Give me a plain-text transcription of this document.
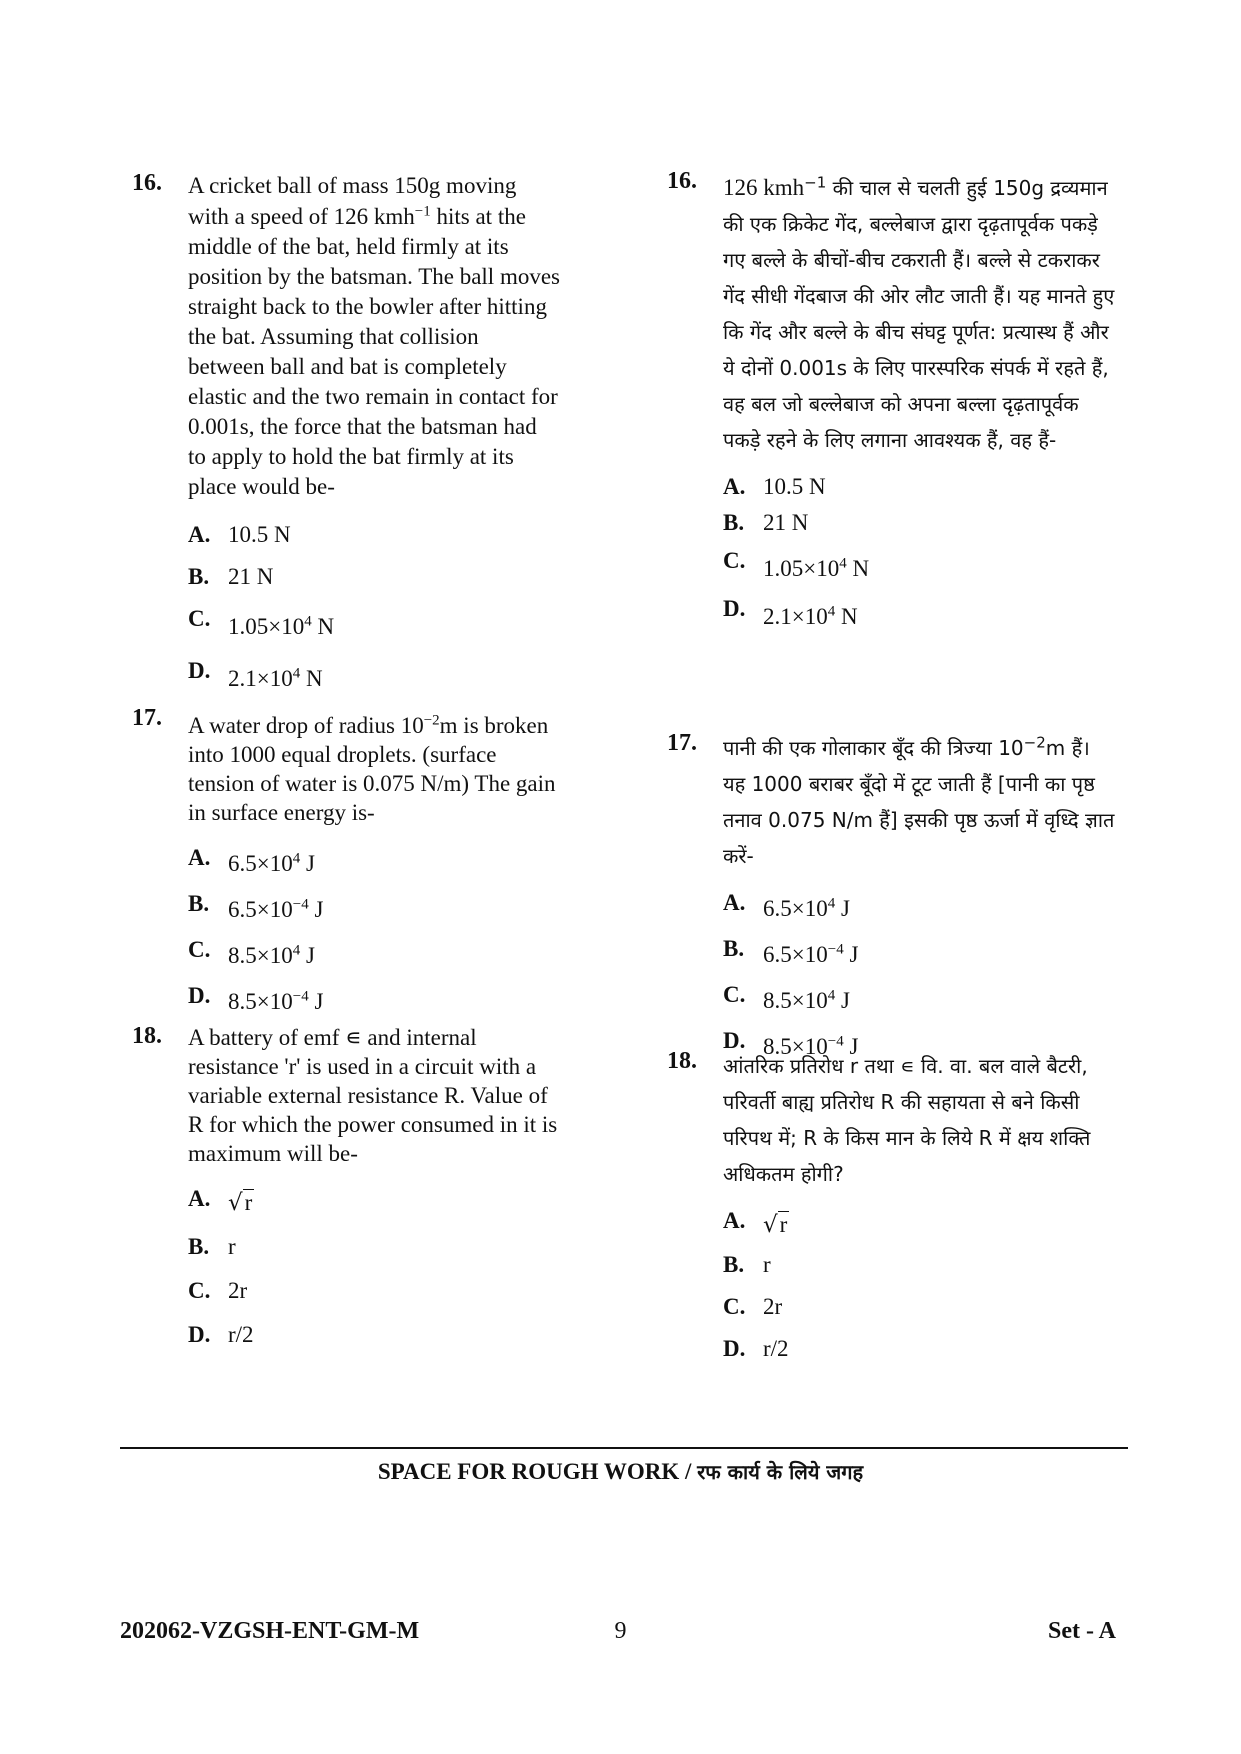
16. A cricket ball of mass 150g moving
with a speed of 126 kmh$^{-1}$ hits at the middle of the bat, held firmly at its position by the batsman. The ball moves straight back to the bowler after hitting the bat. Assuming that collision between ball and bat is completely elastic and the two remain in contact for 0.001s, the force that the batsman had to apply to hold the bat firmly at its place would be-
A. 10.5 N
B. 21 N
C. $1.05\times 10^4$ N
D. $2.1\times 10^4$ N
17. A water drop of radius $10^{-2}m$ is broken into 1000 equal droplets. (surface tension of water is 0.075 N/m) The gain in surface energy is-
A. $6.5\times 10^4$ J
B. $6.5\times 10^{-4}$ J
C. $8.5\times 10^4$ J
D. $8.5\times 10^{-4}$ J
18. A battery of emf ∊ and internal resistance 'r' is used in a circuit with a variable external resistance R. Value of R for which the power consumed in it is maximum will be-
A. √r
B. r
C. 2r
D. r/2
16. 126 kmh$^{-1}$ की चाल से चलती हुई 150g द्रव्यमान की एक क्रिकेट गेंद, बल्लेबाज द्वारा दृढ़तापूर्वक पकड़े गए बल्ले के बीचों-बीच टकराती हैं। बल्ले से टकराकर गेंद सीधी गेंदबाज की ओर लौट जाती हैं। यह मानते हुए कि गेंद और बल्ले के बीच संघट्ट पूर्णत: प्रत्यास्थ हैं और ये दोनों 0.001s के लिए पारस्परिक संपर्क में रहते हैं, वह बल जो बल्लेबाज को अपना बल्ला दृढ़तापूर्वक पकड़े रहने के लिए लगाना आवश्यक हैं, वह हैं-
A. 10.5 N
B. 21 N
C. $1.05\times 10^4$ N
D. $2.1\times 10^4$ N
17. पानी की एक गोलाकार बूँद की त्रिज्या $10^{-2}m$ हैं। यह 1000 बराबर बूँदो में टूट जाती हैं [पानी का पृष्ठ तनाव 0.075 N/m हैं] इसकी पृष्ठ ऊर्जा में वृध्दि ज्ञात करें-
A. $6.5\times 10^4$ J
B. $6.5\times 10^{-4}$ J
C. $8.5\times 10^4$ J
D. $8.5\times 10^{-4}$ J
18. आंतरिक प्रतिरोध r तथा ∊ वि. वा. बल वाले बैटरी, परिवर्ती बाह्य प्रतिरोध R की सहायता से बने किसी परिपथ में; R के किस मान के लिये R में क्षय शक्ति अधिकतम होगी?
A. √r
B. r
C. 2r
D. r/2
SPACE FOR ROUGH WORK / रफ कार्य के लिये जगह
202062-VZGSH-ENT-GM-M	9	Set - A
